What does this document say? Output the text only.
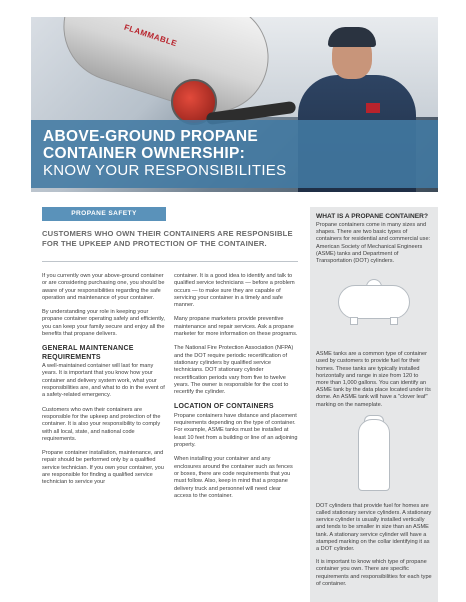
FLAMMABLE
ABOVE-GROUND PROPANE
CONTAINER OWNERSHIP:
KNOW YOUR RESPONSIBILITIES
PROPANE SAFETY
CUSTOMERS WHO OWN THEIR CONTAINERS ARE RESPONSIBLE FOR THE UPKEEP AND PROTECTION OF THE CONTAINER.

If you currently own your above-ground container or are considering purchasing one, you should be aware of your responsibilities regarding the safe operation and maintenance of your container.

By understanding your role in keeping your propane container operating safely and efficiently, you can keep your family secure and enjoy all the benefits that propane delivers.

GENERAL MAINTENANCE REQUIREMENTS

A well-maintained container will last for many years. It is important that you know how your container and delivery system work, what your responsibilities are, and what to do in the event of a safety-related emergency.

Customers who own their containers are responsible for the upkeep and protection of the container. It is also your responsibility to comply with all local, state, and national code requirements.

Propane container installation, maintenance, and repair should be performed only by a qualified service technician. If you own your container, you are responsible for finding a qualified service technician to service your

container. It is a good idea to identify and talk to qualified service technicians — before a problem occurs — to make sure they are capable of servicing your container in a timely and safe manner.

Many propane marketers provide preventive maintenance and repair services. Ask a propane marketer for more information on these programs.

The National Fire Protection Association (NFPA) and the DOT require periodic recertification of stationary cylinders by qualified service technicians. DOT stationary cylinder recertification periods vary from five to twelve years. The owner is responsible for the cost to recertify the cylinder.

LOCATION OF CONTAINERS

Propane containers have distance and placement requirements depending on the type of container. For example, ASME tanks must be installed at least 10 feet from a building or line of an adjoining property.

When installing your container and any enclosures around the container such as fences or boxes, there are code requirements that you must follow. Also, keep in mind that a propane delivery truck and personnel will need clear access to the container.

WHAT IS A PROPANE CONTAINER?

Propane containers come in many sizes and shapes. There are two basic types of containers for residential and commercial use: American Society of Mechanical Engineers (ASME) tanks and Department of Transportation (DOT) cylinders.

ASME tanks are a common type of container used by customers to provide fuel for their homes. These tanks are typically installed horizontally and range in size from 120 to more than 1,000 gallons. You can identify an ASME tank by the data place located under its dome. An ASME tank will have a "clover leaf" marking on the nameplate.

DOT cylinders that provide fuel for homes are called stationary service cylinders. A stationary service cylinder is usually installed vertically and tends to be smaller in size than an ASME tank. A stationary service cylinder will have a stamped marking on the collar identifying it as a DOT cylinder.

It is important to know which type of propane container you own. There are specific requirements and responsibilities for each type of container.
